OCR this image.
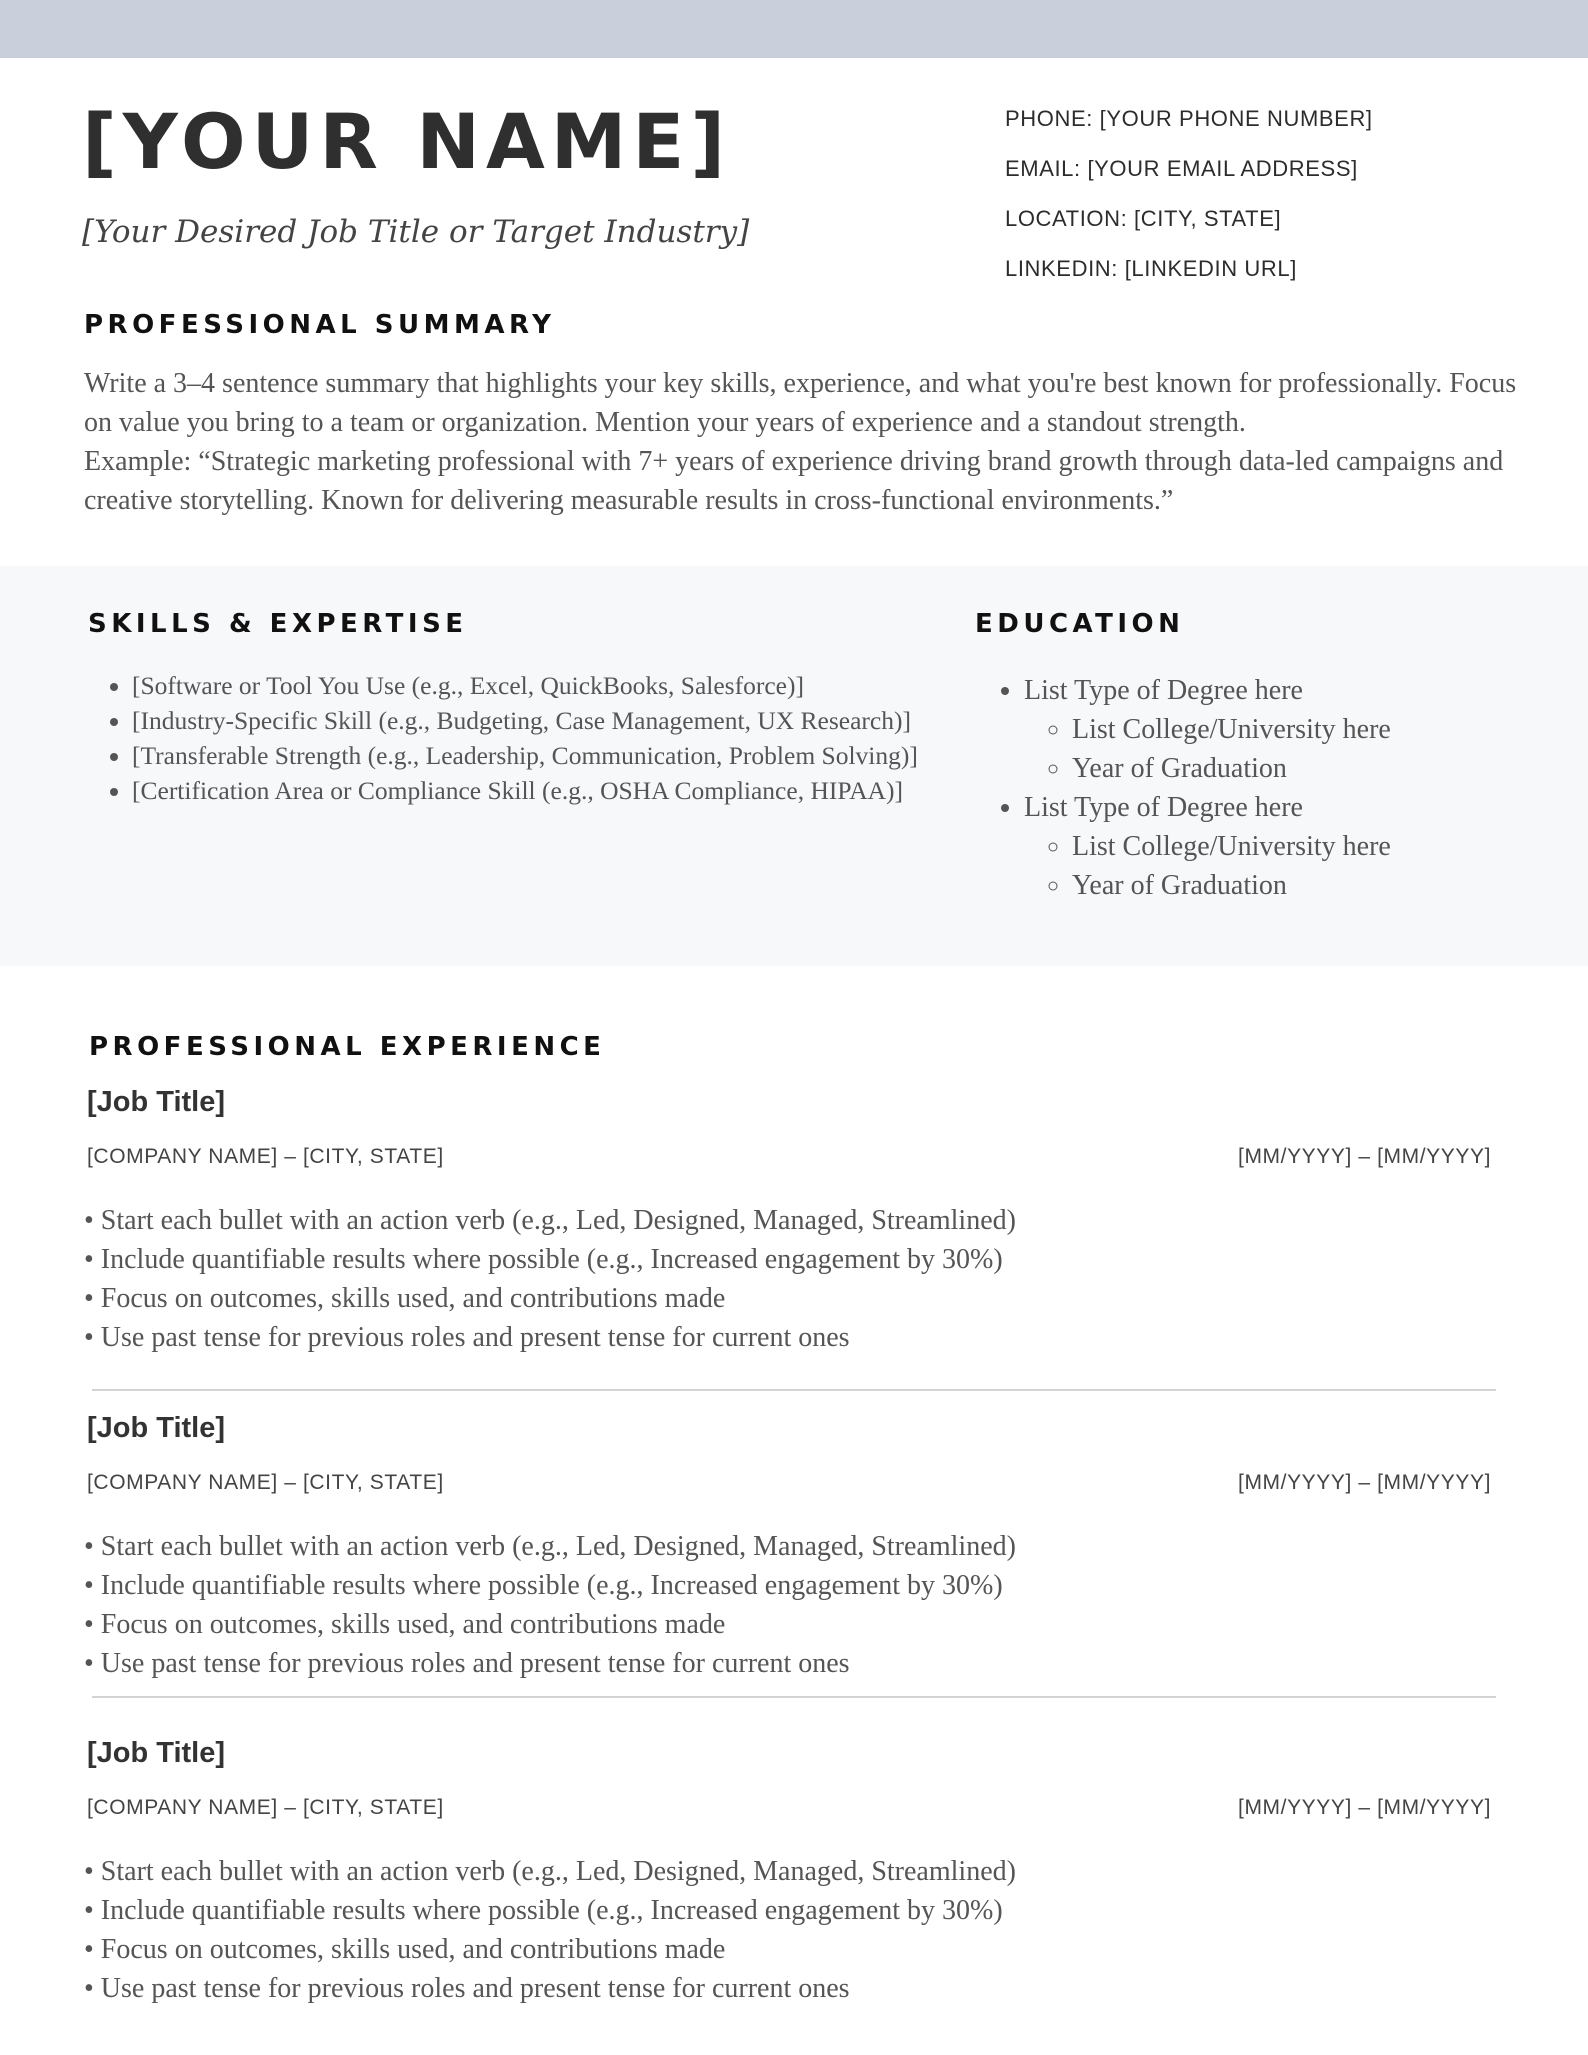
[YOUR NAME]
[Your Desired Job Title or Target Industry]
PHONE: [YOUR PHONE NUMBER]
EMAIL: [YOUR EMAIL ADDRESS]
LOCATION: [CITY, STATE]
LINKEDIN: [LINKEDIN URL]
PROFESSIONAL SUMMARY

Write a 3–4 sentence summary that highlights your key skills, experience, and what you're best known for professionally. Focus on value you bring to a team or organization. Mention your years of experience and a standout strength.

Example: “Strategic marketing professional with 7+ years of experience driving brand growth through data-led campaigns and creative storytelling. Known for delivering measurable results in cross-functional environments.”

SKILLS & EXPERTISE
• [Software or Tool You Use (e.g., Excel, QuickBooks, Salesforce)]
• [Industry-Specific Skill (e.g., Budgeting, Case Management, UX Research)]
• [Transferable Strength (e.g., Leadership, Communication, Problem Solving)]
• [Certification Area or Compliance Skill (e.g., OSHA Compliance, HIPAA)]
EDUCATION
• List Type of Degree here
◦ List College/University here
◦ Year of Graduation
• List Type of Degree here
◦ List College/University here
◦ Year of Graduation
PROFESSIONAL EXPERIENCE
[Job Title]
[COMPANY NAME] – [CITY, STATE]	[MM/YYYY] – [MM/YYYY]
• Start each bullet with an action verb (e.g., Led, Designed, Managed, Streamlined)
• Include quantifiable results where possible (e.g., Increased engagement by 30%)
• Focus on outcomes, skills used, and contributions made
• Use past tense for previous roles and present tense for current ones
[Job Title]
[COMPANY NAME] – [CITY, STATE]	[MM/YYYY] – [MM/YYYY]
• Start each bullet with an action verb (e.g., Led, Designed, Managed, Streamlined)
• Include quantifiable results where possible (e.g., Increased engagement by 30%)
• Focus on outcomes, skills used, and contributions made
• Use past tense for previous roles and present tense for current ones
[Job Title]
[COMPANY NAME] – [CITY, STATE]	[MM/YYYY] – [MM/YYYY]
• Start each bullet with an action verb (e.g., Led, Designed, Managed, Streamlined)
• Include quantifiable results where possible (e.g., Increased engagement by 30%)
• Focus on outcomes, skills used, and contributions made
• Use past tense for previous roles and present tense for current ones
